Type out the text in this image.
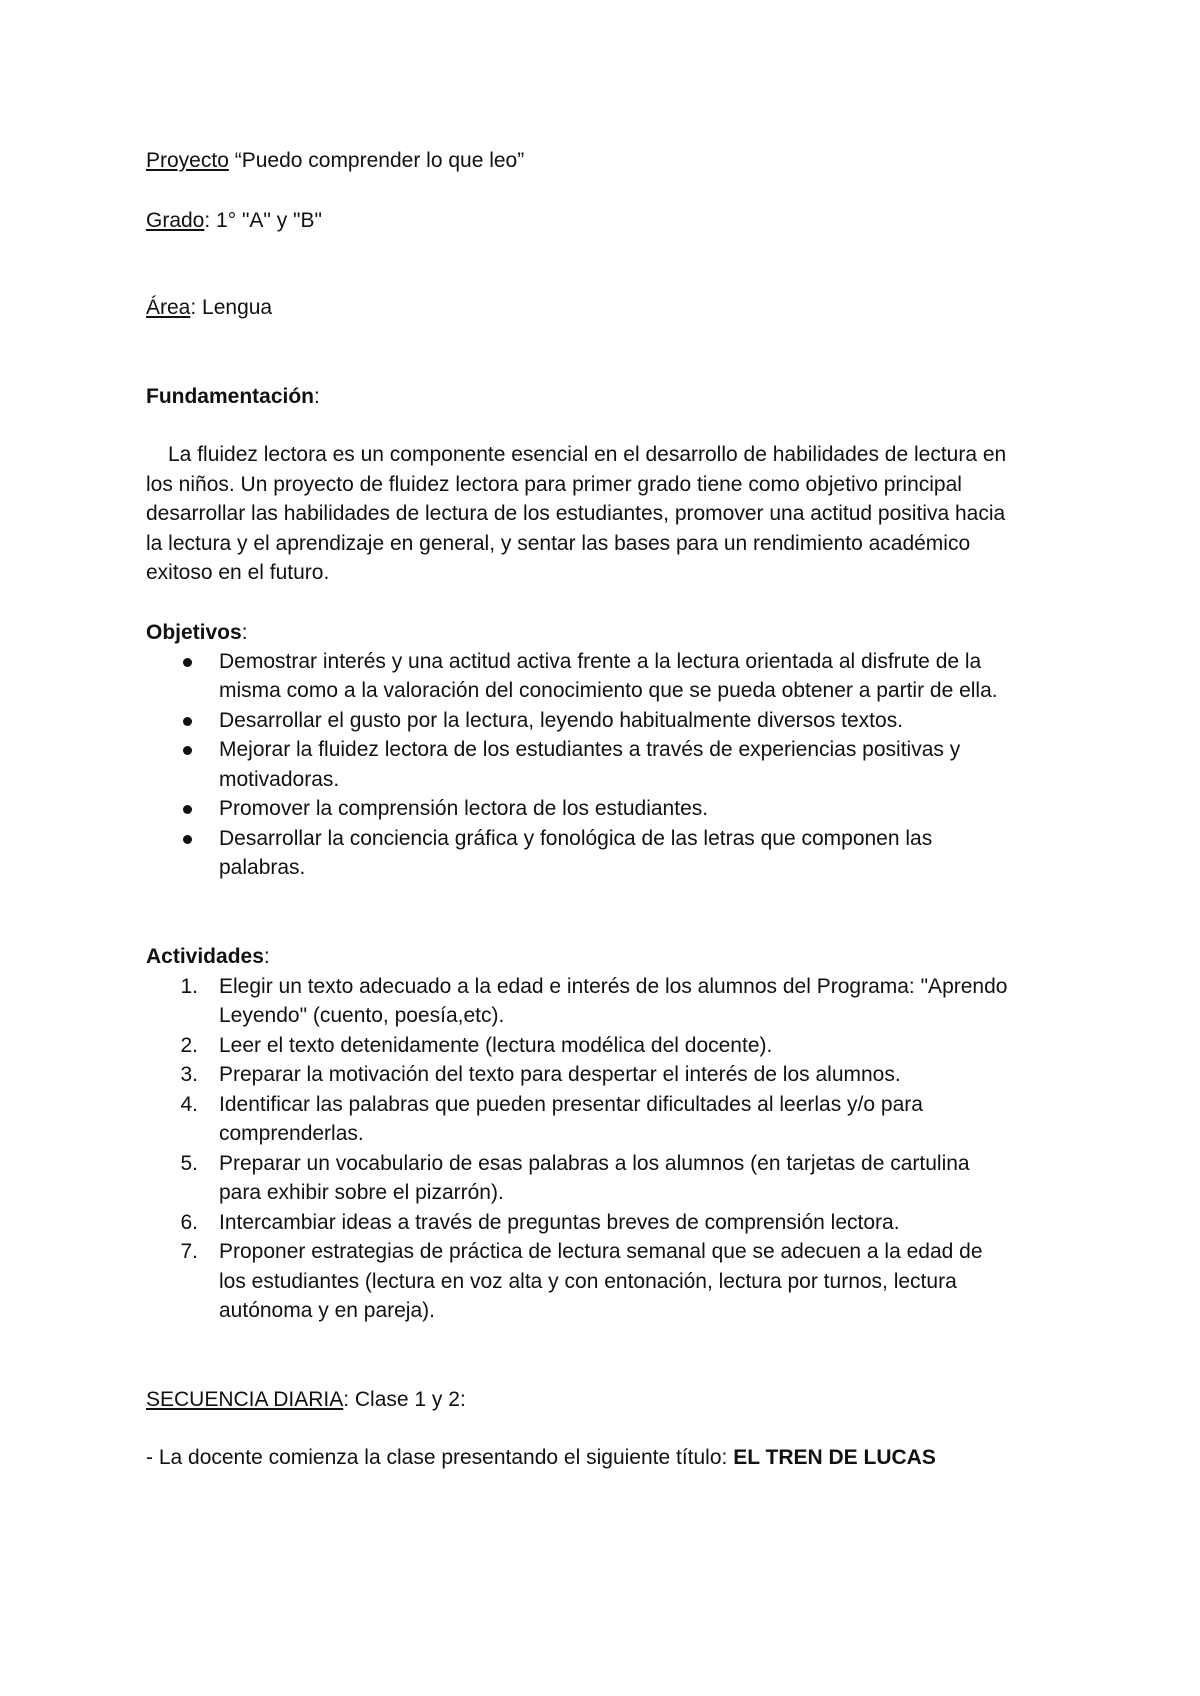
Proyecto “Puedo comprender lo que leo”
Grado: 1° "A" y "B"
Área: Lengua
Fundamentación:
La fluidez lectora es un componente esencial en el desarrollo de habilidades de lectura en
los niños. Un proyecto de fluidez lectora para primer grado tiene como objetivo principal
desarrollar las habilidades de lectura de los estudiantes, promover una actitud positiva hacia
la lectura y el aprendizaje en general, y sentar las bases para un rendimiento académico
exitoso en el futuro.
Objetivos:
Demostrar interés y una actitud activa frente a la lectura orientada al disfrute de la
misma como a la valoración del conocimiento que se pueda obtener a partir de ella.
Desarrollar el gusto por la lectura, leyendo habitualmente diversos textos.
Mejorar la fluidez lectora de los estudiantes a través de experiencias positivas y
motivadoras.
Promover la comprensión lectora de los estudiantes.
Desarrollar la conciencia gráfica y fonológica de las letras que componen las
palabras.
Actividades:
1. Elegir un texto adecuado a la edad e interés de los alumnos del Programa: "Aprendo
Leyendo" (cuento, poesía,etc).
2. Leer el texto detenidamente (lectura modélica del docente).
3. Preparar la motivación del texto para despertar el interés de los alumnos.
4. Identificar las palabras que pueden presentar dificultades al leerlas y/o para
comprenderlas.
5. Preparar un vocabulario de esas palabras a los alumnos (en tarjetas de cartulina
para exhibir sobre el pizarrón).
6. Intercambiar ideas a través de preguntas breves de comprensión lectora.
7. Proponer estrategias de práctica de lectura semanal que se adecuen a la edad de
los estudiantes (lectura en voz alta y con entonación, lectura por turnos, lectura
autónoma y en pareja).
SECUENCIA DIARIA: Clase 1 y 2:
- La docente comienza la clase presentando el siguiente título: EL TREN DE LUCAS
